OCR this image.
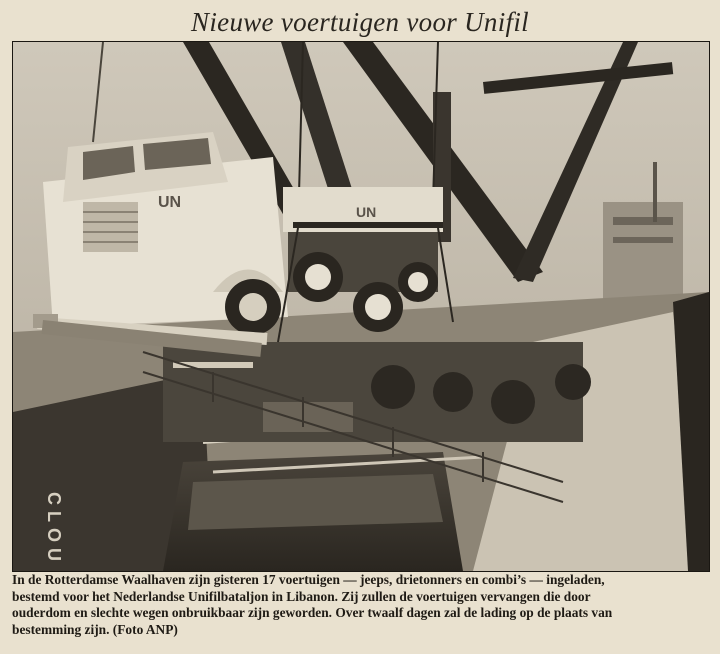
Nieuwe voertuigen voor Unifil
CLOU
UN
UN
In de Rotterdamse Waalhaven zijn gisteren 17 voertuigen — jeeps, drietonners en combi’s — ingeladen,
bestemd voor het Nederlandse Unifilbataljon in Libanon. Zij zullen de voertuigen vervangen die door
ouderdom en slechte wegen onbruikbaar zijn geworden. Over twaalf dagen zal de lading op de plaats van
bestemming zijn. (Foto ANP)
